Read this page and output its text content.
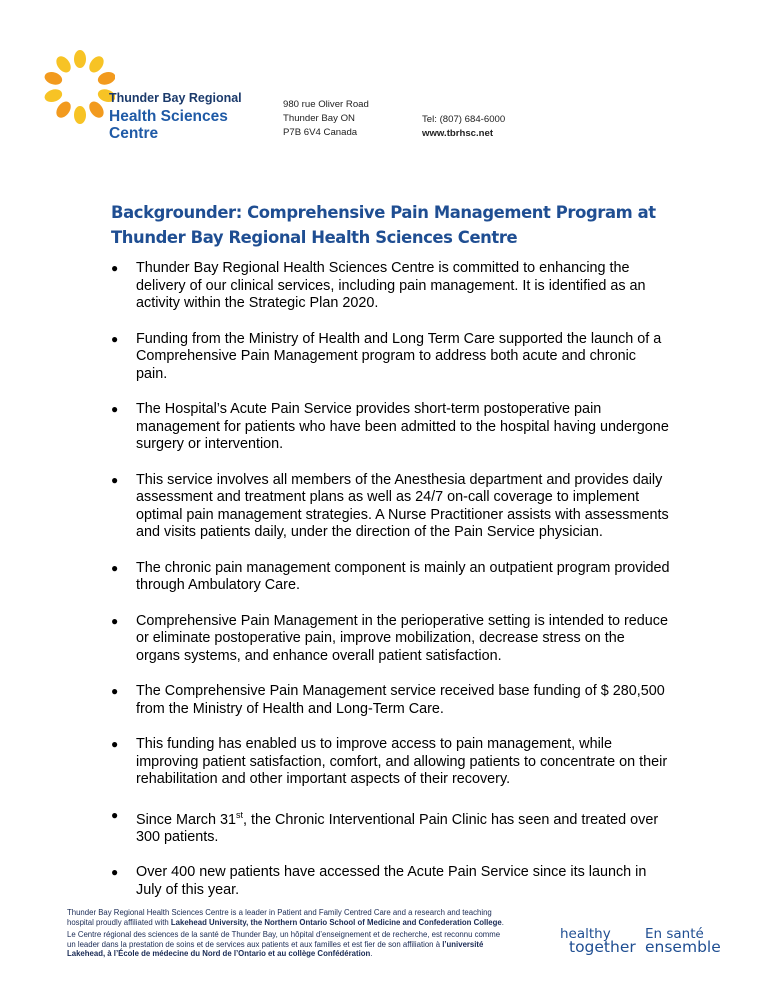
Thunder Bay Regional
Health Sciences
Centre
980 rue Oliver Road
Thunder Bay ON
P7B 6V4 Canada
Tel: (807) 684-6000
www.tbrhsc.net
Backgrounder: Comprehensive Pain Management Program at Thunder Bay Regional Health Sciences Centre
● Thunder Bay Regional Health Sciences Centre is committed to enhancing the delivery of our clinical services, including pain management. It is identified as an activity within the Strategic Plan 2020.
● Funding from the Ministry of Health and Long Term Care supported the launch of a Comprehensive Pain Management program to address both acute and chronic pain.
● The Hospital’s Acute Pain Service provides short-term postoperative pain management for patients who have been admitted to the hospital having undergone surgery or intervention.
● This service involves all members of the Anesthesia department and provides daily assessment and treatment plans as well as 24/7 on-call coverage to implement optimal pain management strategies. A Nurse Practitioner assists with assessments and visits patients daily, under the direction of the Pain Service physician.
● The chronic pain management component is mainly an outpatient program provided through Ambulatory Care.
● Comprehensive Pain Management in the perioperative setting is intended to reduce or eliminate postoperative pain, improve mobilization, decrease stress on the organs systems, and enhance overall patient satisfaction.
● The Comprehensive Pain Management service received base funding of $ 280,500 from the Ministry of Health and Long-Term Care.
● This funding has enabled us to improve access to pain management, while improving patient satisfaction, comfort, and allowing patients to concentrate on their rehabilitation and other important aspects of their recovery.
● Since March 31st, the Chronic Interventional Pain Clinic has seen and treated over 300 patients.
● Over 400 new patients have accessed the Acute Pain Service since its launch in July of this year.

Thunder Bay Regional Health Sciences Centre is a leader in Patient and Family Centred Care and a research and teaching hospital proudly affiliated with Lakehead University, the Northern Ontario School of Medicine and Confederation College.

Le Centre régional des sciences de la santé de Thunder Bay, un hôpital d’enseignement et de recherche, est reconnu comme un leader dans la prestation de soins et de services aux patients et aux familles et est fier de son affiliation à l’université Lakehead, à l’École de médecine du Nord de l’Ontario et au collège Confédération.

healthy
together
En santé
ensemble
